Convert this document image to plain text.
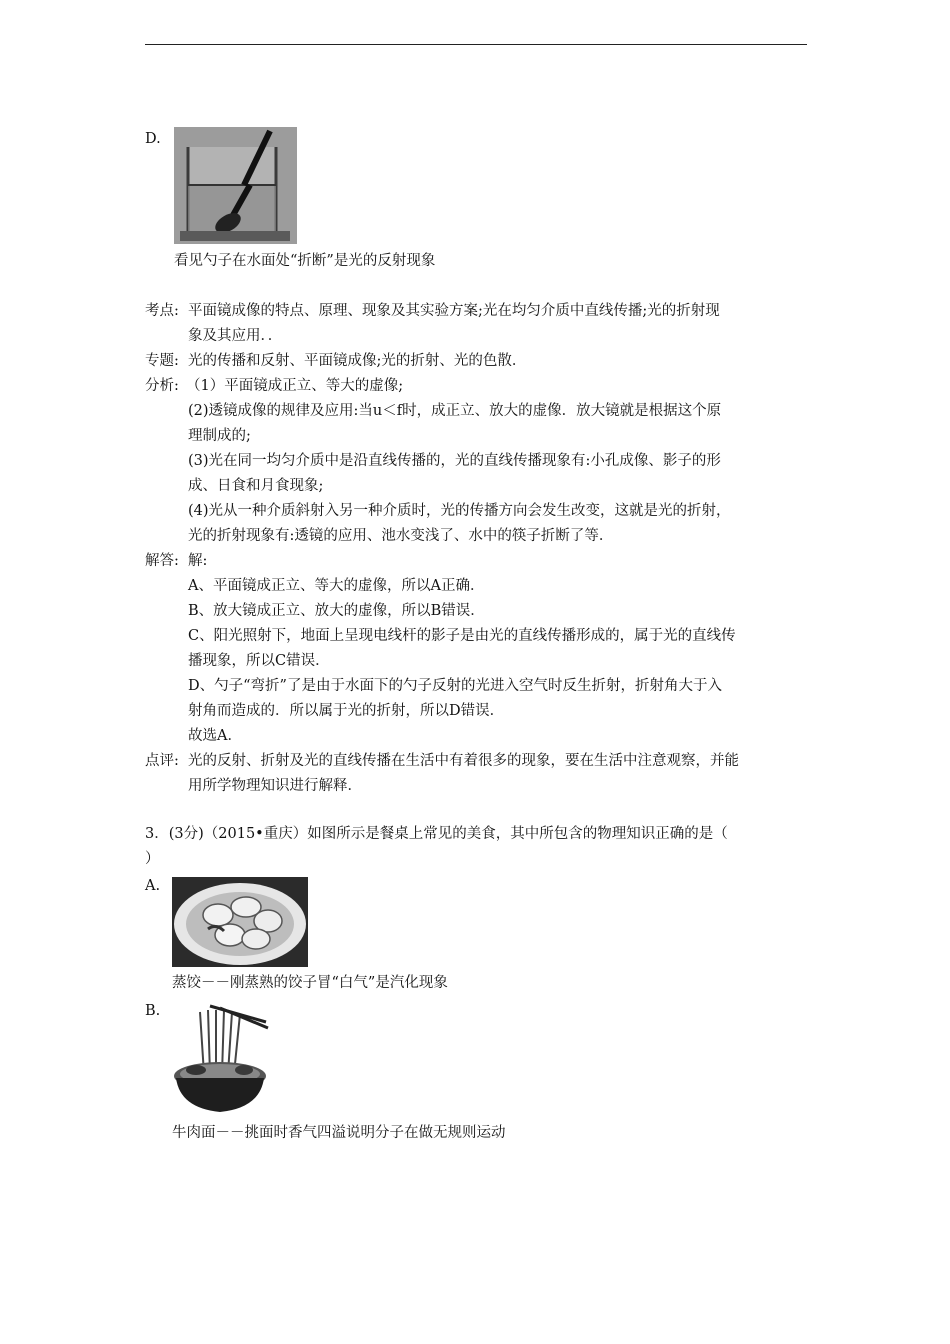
D.
看见勺子在水面处“折断”是光的反射现象
考点: 平面镜成像的特点、原理、现象及其实验方案;光在均匀介质中直线传播;光的折射现
象及其应用．．
专题: 光的传播和反射、平面镜成像;光的折射、光的色散．
分析: （1）平面镜成正立、等大的虚像;
(2)透镜成像的规律及应用:当u＜f时，成正立、放大的虚像．放大镜就是根据这个原
理制成的;
(3)光在同一均匀介质中是沿直线传播的，光的直线传播现象有:小孔成像、影子的形
成、日食和月食现象;
(4)光从一种介质斜射入另一种介质时，光的传播方向会发生改变，这就是光的折射，
光的折射现象有:透镜的应用、池水变浅了、水中的筷子折断了等．
解答: 解:
A、平面镜成正立、等大的虚像，所以A正确．
B、放大镜成正立、放大的虚像，所以B错误．
C、阳光照射下，地面上呈现电线杆的影子是由光的直线传播形成的，属于光的直线传
播现象，所以C错误．
D、勺子“弯折”了是由于水面下的勺子反射的光进入空气时反生折射，折射角大于入
射角而造成的．所以属于光的折射，所以D错误．
故选A．
点评: 光的反射、折射及光的直线传播在生活中有着很多的现象，要在生活中注意观察，并能
用所学物理知识进行解释．
3．(3分)（2015•重庆）如图所示是餐桌上常见的美食，其中所包含的物理知识正确的是（
）
A.
蒸饺－－刚蒸熟的饺子冒“白气”是汽化现象
B.
牛肉面－－挑面时香气四溢说明分子在做无规则运动
